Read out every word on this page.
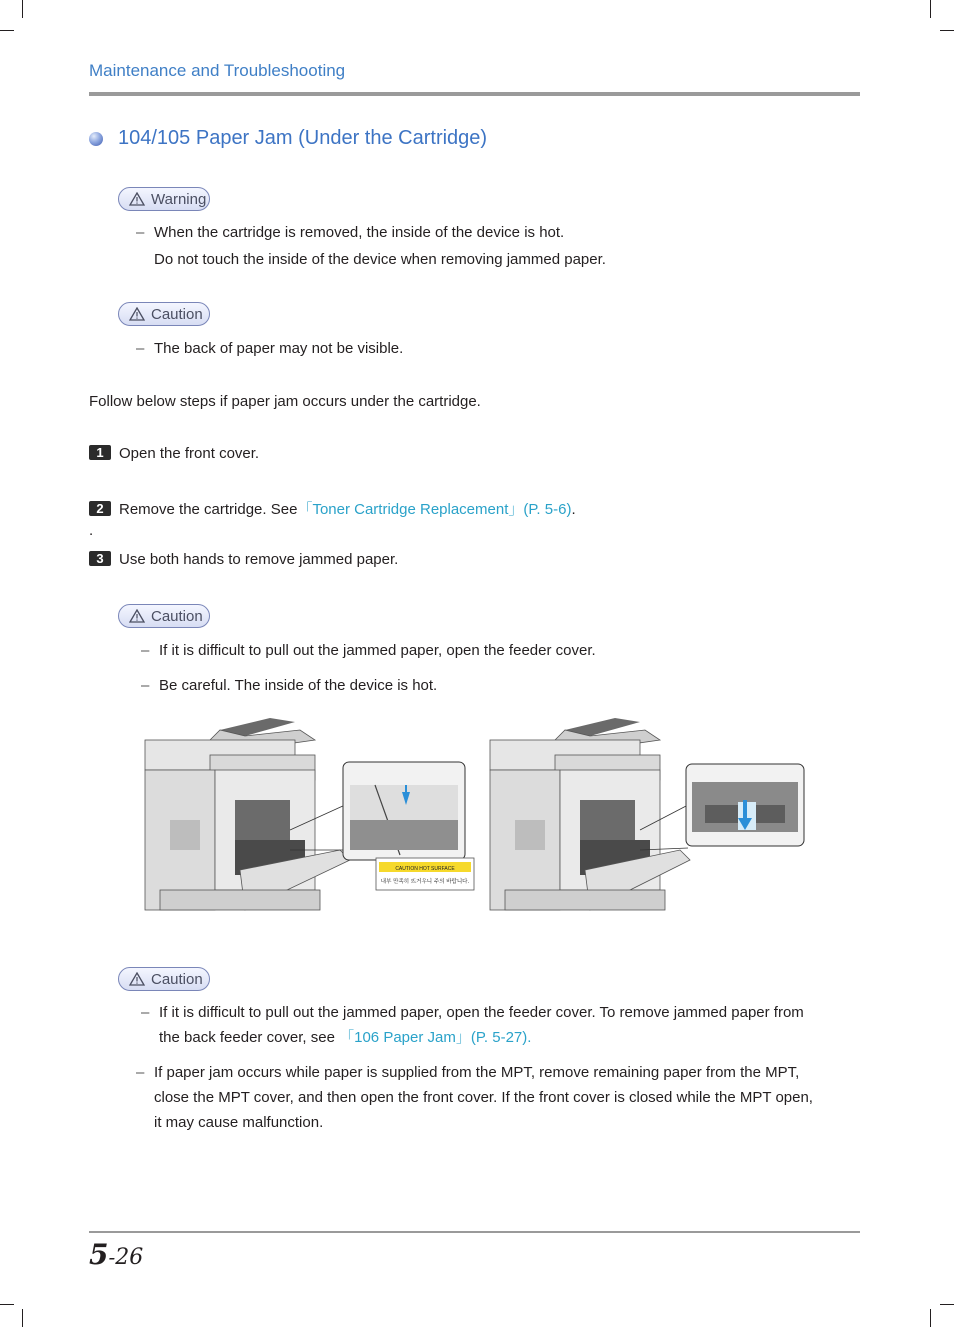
Maintenance and Troubleshooting
104/105 Paper Jam (Under the Cartridge)
Warning
– When the cartridge is removed, the inside of the device is hot.
Do not touch the inside of the device when removing jammed paper.
Caution
– The back of paper may not be visible.
Follow below steps if paper jam occurs under the cartridge.
1 Open the front cover.
2 Remove the cartridge. See「Toner Cartridge Replacement」(P. 5-6).
.
3 Use both hands to remove jammed paper.
Caution
– If it is difficult to pull out the jammed paper, open the feeder cover.
– Be careful. The inside of the device is hot.
CAUTION HOT SURFACE
내부 만족히 뜨거우니 주의 바랍니다.
Caution
– If it is difficult to pull out the jammed paper, open the feeder cover. To remove jammed paper from
the back feeder cover, see 「106 Paper Jam」(P. 5-27).
– If paper jam occurs while paper is supplied from the MPT, remove remaining paper from the MPT,
close the MPT cover, and then open the front cover. If the front cover is closed while the MPT open,
it may cause malfunction.
5-26
